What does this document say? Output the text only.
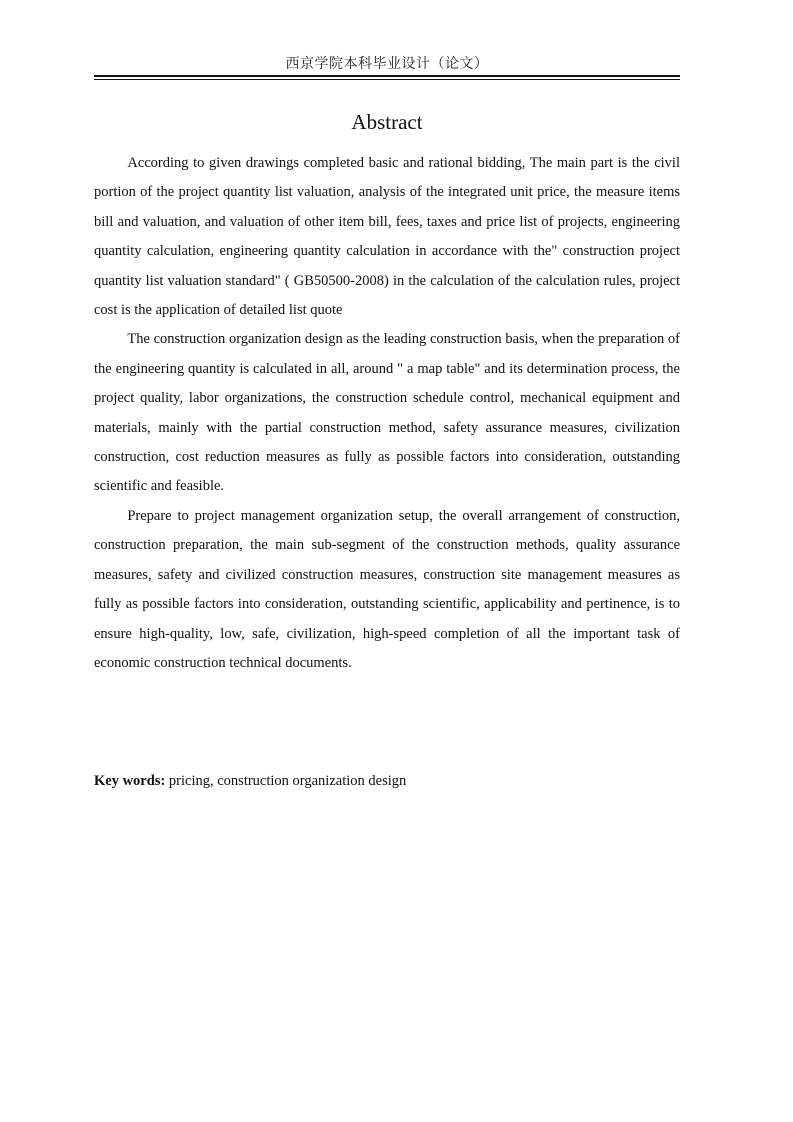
西京学院本科毕业设计（论文）
Abstract

According to given drawings completed basic and rational bidding, The main part is the civil portion of the project quantity list valuation, analysis of the integrated unit price, the measure items bill and valuation, and valuation of other item bill, fees, taxes and price list of projects, engineering quantity calculation, engineering quantity calculation in accordance with the" construction project quantity list valuation standard" ( GB50500-2008) in the calculation of the calculation rules, project cost is the application of detailed list quote

The construction organization design as the leading construction basis, when the preparation of the engineering quantity is calculated in all, around " a map table" and its determination process, the project quality, labor organizations, the construction schedule control, mechanical equipment and materials, mainly with the partial construction method, safety assurance measures, civilization construction, cost reduction measures as fully as possible factors into consideration, outstanding scientific and feasible.

Prepare to project management organization setup, the overall arrangement of construction, construction preparation, the main sub-segment of the construction methods, quality assurance measures, safety and civilized construction measures, construction site management measures as fully as possible factors into consideration, outstanding scientific, applicability and pertinence, is to ensure high-quality, low, safe, civilization, high-speed completion of all the important task of economic construction technical documents.

Key words: pricing, construction organization design
